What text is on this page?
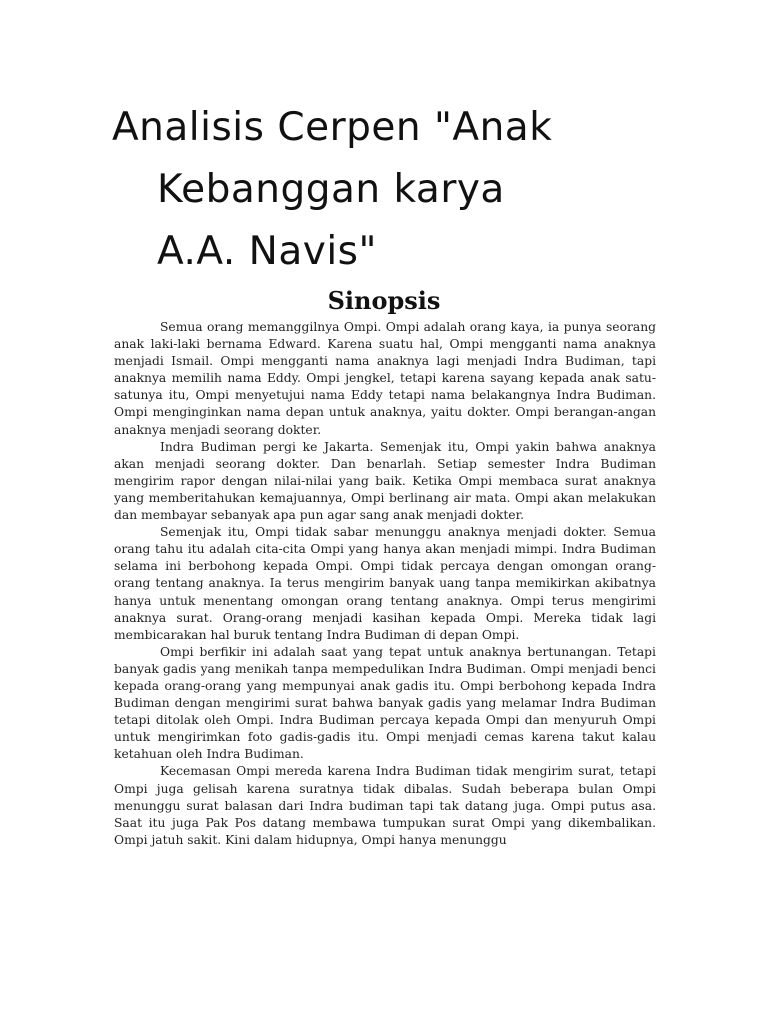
Analisis Cerpen "Anak
Kebanggan karya
A.A. Navis"
Sinopsis

Semua orang memanggilnya Ompi. Ompi adalah orang kaya, ia punya seorang anak laki-laki bernama Edward. Karena suatu hal, Ompi mengganti nama anaknya menjadi Ismail. Ompi mengganti nama anaknya lagi menjadi Indra Budiman, tapi anaknya memilih nama Eddy. Ompi jengkel, tetapi karena sayang kepada anak satu-satunya itu, Ompi menyetujui nama Eddy tetapi nama belakangnya Indra Budiman. Ompi menginginkan nama depan untuk anaknya, yaitu dokter. Ompi berangan-angan anaknya menjadi seorang dokter.

Indra Budiman pergi ke Jakarta. Semenjak itu, Ompi yakin bahwa anaknya akan menjadi seorang dokter. Dan benarlah. Setiap semester Indra Budiman mengirim rapor dengan nilai-nilai yang baik. Ketika Ompi membaca surat anaknya yang memberitahukan kemajuannya, Ompi berlinang air mata. Ompi akan melakukan dan membayar sebanyak apa pun agar sang anak menjadi dokter.

Semenjak itu, Ompi tidak sabar menunggu anaknya menjadi dokter. Semua orang tahu itu adalah cita-cita Ompi yang hanya akan menjadi mimpi. Indra Budiman selama ini berbohong kepada Ompi. Ompi tidak percaya dengan omongan orang-orang tentang anaknya. Ia terus mengirim banyak uang tanpa memikirkan akibatnya hanya untuk menentang omongan orang tentang anaknya. Ompi terus mengirimi anaknya surat. Orang-orang menjadi kasihan kepada Ompi. Mereka tidak lagi membicarakan hal buruk tentang Indra Budiman di depan Ompi.

Ompi berfikir ini adalah saat yang tepat untuk anaknya bertunangan. Tetapi banyak gadis yang menikah tanpa mempedulikan Indra Budiman. Ompi menjadi benci kepada orang-orang yang mempunyai anak gadis itu. Ompi berbohong kepada Indra Budiman dengan mengirimi surat bahwa banyak gadis yang melamar Indra Budiman tetapi ditolak oleh Ompi. Indra Budiman percaya kepada Ompi dan menyuruh Ompi untuk mengirimkan foto gadis-gadis itu. Ompi menjadi cemas karena takut kalau ketahuan oleh Indra Budiman.

Kecemasan Ompi mereda karena Indra Budiman tidak mengirim surat, tetapi Ompi juga gelisah karena suratnya tidak dibalas. Sudah beberapa bulan Ompi menunggu surat balasan dari Indra budiman tapi tak datang juga. Ompi putus asa. Saat itu juga Pak Pos datang membawa tumpukan surat Ompi yang dikembalikan. Ompi jatuh sakit. Kini dalam hidupnya, Ompi hanya menunggu
